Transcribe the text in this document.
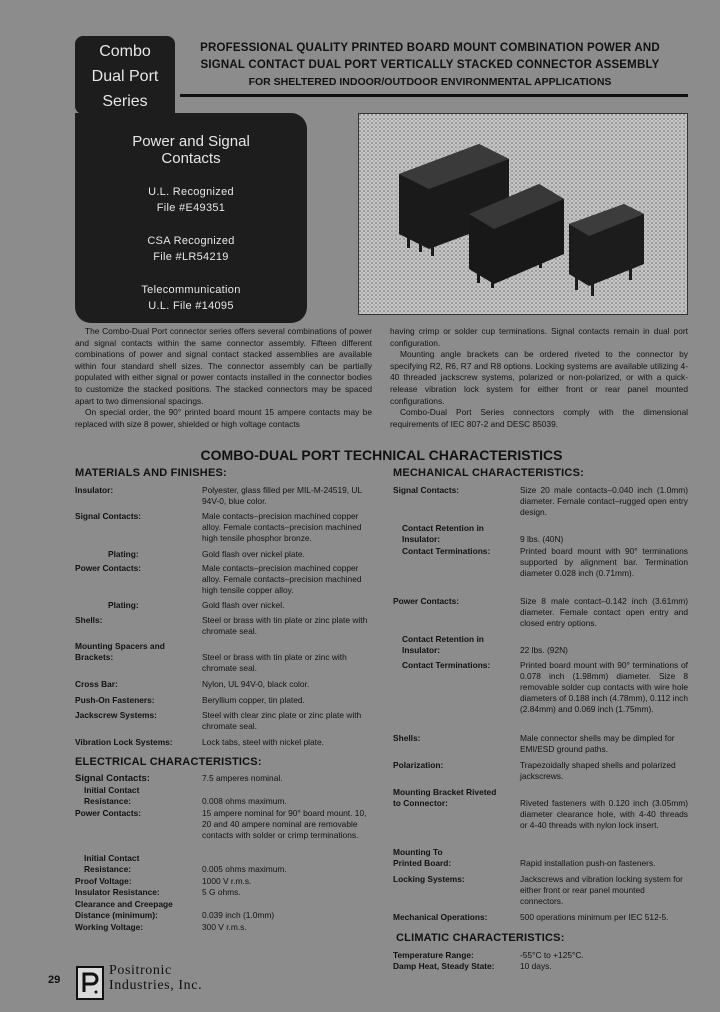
Combo
Dual Port
Series
Power and Signal
Contacts
U.L. Recognized
File #E49351
CSA Recognized
File #LR54219
Telecommunication
U.L. File #14095
PROFESSIONAL QUALITY PRINTED BOARD MOUNT COMBINATION POWER AND
SIGNAL CONTACT DUAL PORT VERTICALLY STACKED CONNECTOR ASSEMBLY
FOR SHELTERED INDOOR/OUTDOOR ENVIRONMENTAL APPLICATIONS
The Combo-Dual Port connector series offers several combinations of power and signal contacts within the same connector assembly. Fifteen different combinations of power and signal contact stacked assemblies are available within four standard shell sizes. The connector assembly can be partially populated with either signal or power contacts installed in the connector bodies to customize the stacked positions. The stacked connectors may be spaced apart to two dimensional spacings.
On special order, the 90° printed board mount 15 ampere contacts may be replaced with size 8 power, shielded or high voltage contacts
having crimp or solder cup terminations. Signal contacts remain in dual port configuration.
Mounting angle brackets can be ordered riveted to the connector by specifying R2, R6, R7 and R8 options. Locking systems are available utilizing 4-40 threaded jackscrew systems, polarized or non-polarized, or with a quick-release vibration lock system for either front or rear panel mounted configurations.
Combo-Dual Port Series connectors comply with the dimensional requirements of IEC 807-2 and DESC 85039.
COMBO-DUAL PORT TECHNICAL CHARACTERISTICS
MATERIALS AND FINISHES:
Insulator:	Polyester, glass filled per MIL-M-24519, UL 94V-0, blue color.
Signal Contacts:	Male contacts–precision machined copper alloy. Female contacts–precision machined high tensile phosphor bronze.
Plating:	Gold flash over nickel plate.
Power Contacts:	Male contacts–precision machined copper alloy. Female contacts–precision machined high tensile copper alloy.
Plating:	Gold flash over nickel.
Shells:	Steel or brass with tin plate or zinc plate with chromate seal.
Mounting Spacers and Brackets:	Steel or brass with tin plate or zinc with chromate seal.
Cross Bar:	Nylon, UL 94V-0, black color.
Push-On Fasteners:	Beryllium copper, tin plated.
Jackscrew Systems:	Steel with clear zinc plate or zinc plate with chromate seal.
Vibration Lock Systems:	Lock tabs, steel with nickel plate.
ELECTRICAL CHARACTERISTICS:
Signal Contacts:	7.5 amperes nominal.
Initial Contact Resistance:	0.008 ohms maximum.
Power Contacts:	15 ampere nominal for 90° board mount. 10, 20 and 40 ampere nominal are removable contacts with solder or crimp terminations.
Initial Contact Resistance:	0.005 ohms maximum.
Proof Voltage:	1000 V r.m.s.
Insulator Resistance:	5 G ohms.
Clearance and Creepage Distance (minimum):	0.039 inch (1.0mm)
Working Voltage:	300 V r.m.s.
MECHANICAL CHARACTERISTICS:
Signal Contacts:	Size 20 male contacts–0.040 inch (1.0mm) diameter. Female contact–rugged open entry design.
Contact Retention in Insulator:	9 lbs. (40N)
Contact Terminations:	Printed board mount with 90° terminations supported by alignment bar. Termination diameter 0.028 inch (0.71mm).
Power Contacts:	Size 8 male contact–0.142 inch (3.61mm) diameter. Female contact open entry and closed entry options.
Contact Retention in Insulator:	22 lbs. (92N)
Contact Terminations:	Printed board mount with 90° terminations of 0.078 inch (1.98mm) diameter. Size 8 removable solder cup contacts with wire hole diameters of 0.188 inch (4.78mm), 0.112 inch (2.84mm) and 0.069 inch (1.75mm).
Shells:	Male connector shells may be dimpled for EMI/ESD ground paths.
Polarization:	Trapezoidally shaped shells and polarized jackscrews.
Mounting Bracket Riveted to Connector:	Riveted fasteners with 0.120 inch (3.05mm) diameter clearance hole, with 4-40 threads or 4-40 threads with nylon lock insert.
Mounting To Printed Board:	Rapid installation push-on fasteners.
Locking Systems:	Jackscrews and vibration locking system for either front or rear panel mounted connectors.
Mechanical Operations:	500 operations minimum per IEC 512-5.
CLIMATIC CHARACTERISTICS:
Temperature Range:	-55°C to +125°C.
Damp Heat, Steady State:	10 days.
29
Positronic
Industries, Inc.
